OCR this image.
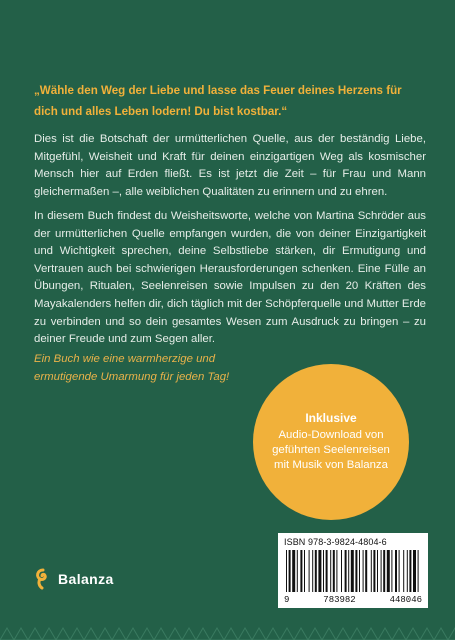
„Wähle den Weg der Liebe und lasse das Feuer deines Herzens für dich und alles Leben lodern! Du bist kostbar.“

Dies ist die Botschaft der urmütterlichen Quelle, aus der beständig Liebe, Mitgefühl, Weisheit und Kraft für deinen einzigartigen Weg als kosmischer Mensch hier auf Erden fließt. Es ist jetzt die Zeit – für Frau und Mann gleichermaßen –, alle weiblichen Qualitäten zu erinnern und zu ehren.

In diesem Buch findest du Weisheitsworte, welche von Martina Schröder aus der urmütterlichen Quelle empfangen wurden, die von deiner Einzigartigkeit und Wichtigkeit sprechen, deine Selbstliebe stärken, dir Ermutigung und Vertrauen auch bei schwierigen Herausforderungen schenken. Eine Fülle an Übungen, Ritualen, Seelenreisen sowie Impulsen zu den 20 Kräften des Mayakalenders helfen dir, dich täglich mit der Schöpferquelle und Mutter Erde zu verbinden und so dein gesamtes Wesen zum Ausdruck zu bringen – zu deiner Freude und zum Segen aller.

Ein Buch wie eine warmherzige und ermutigende Umarmung für jeden Tag!

Inklusive
Audio-Download von geführten Seelenreisen mit Musik von Balanza
ISBN 978-3-9824-4804-6
9	783982	448046
Balanza
